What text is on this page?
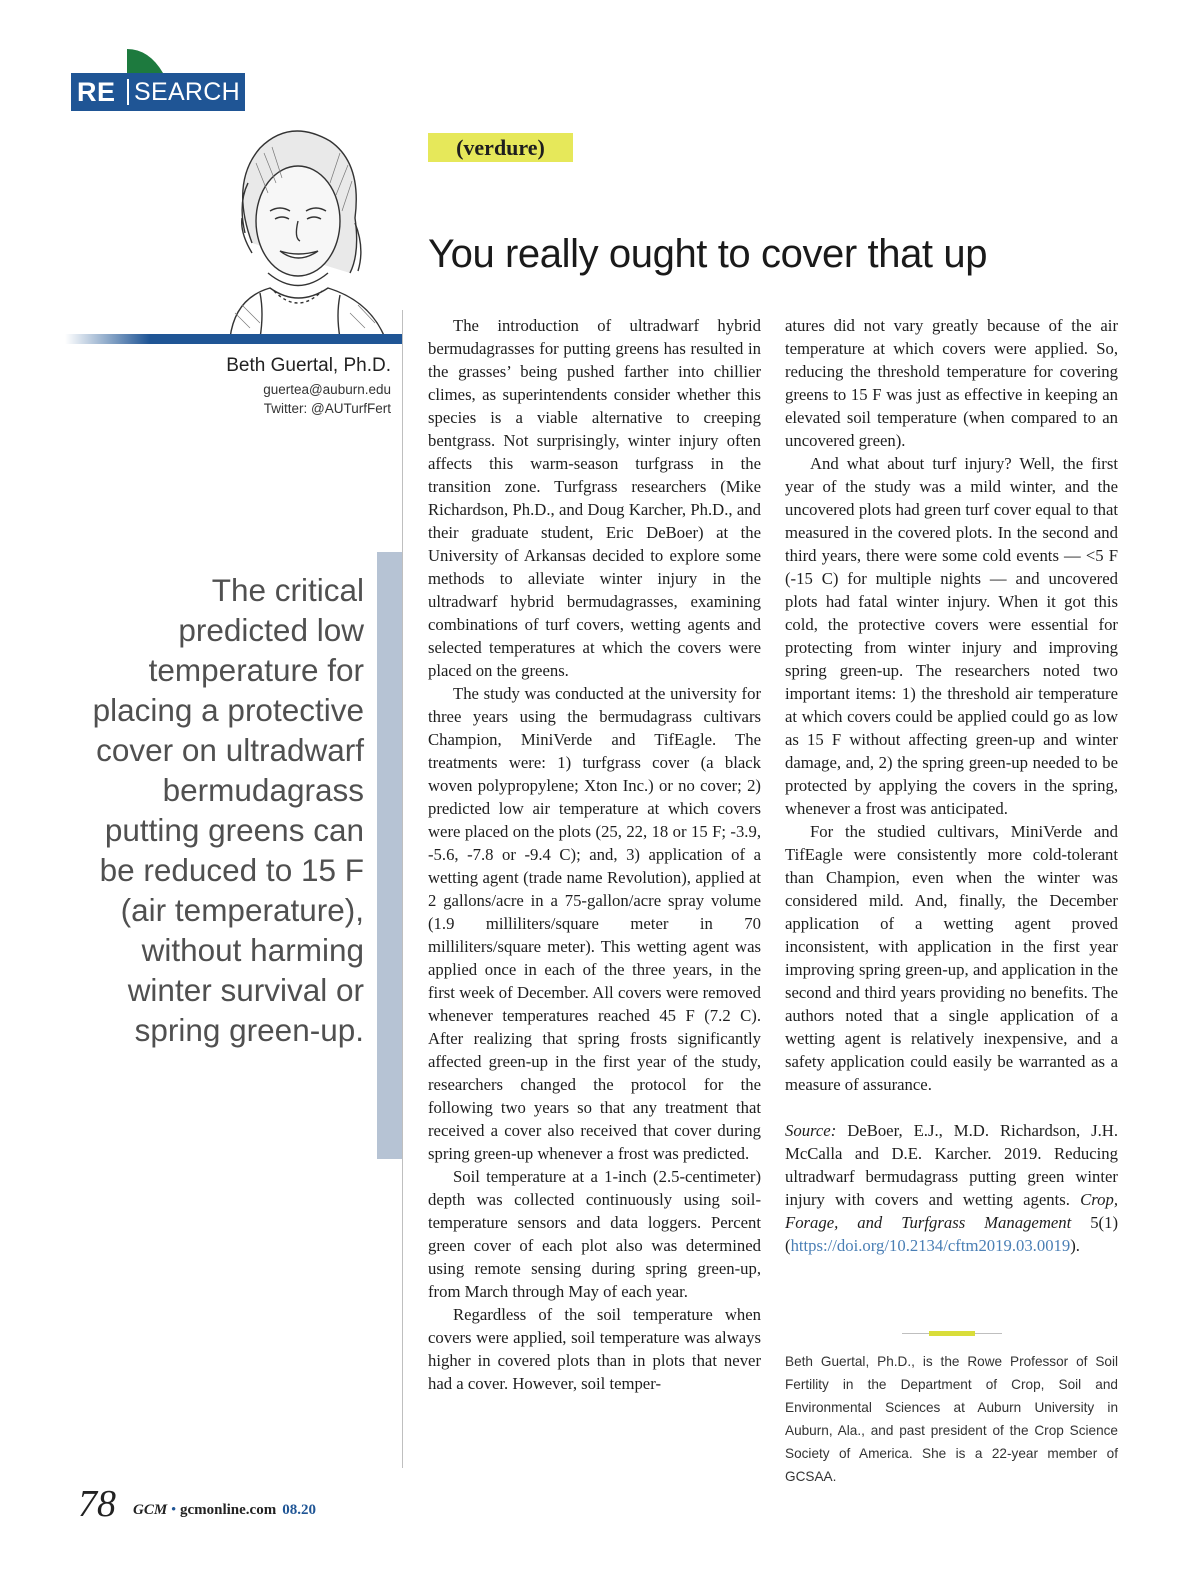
RE SEARCH
Beth Guertal, Ph.D.
guertea@auburn.edu
Twitter: @AUTurfFert
The critical predicted low temperature for placing a protective cover on ultradwarf bermudagrass putting greens can be reduced to 15 F (air temperature), without harming winter survival or spring green-up.
(verdure)
You really ought to cover that up

The introduction of ultradwarf hybrid bermudagrasses for putting greens has resulted in the grasses’ being pushed farther into chillier climes, as superintendents consider whether this species is a viable alternative to creeping bentgrass. Not surprisingly, winter injury often affects this warm-season turfgrass in the transition zone. Turfgrass researchers (Mike Richardson, Ph.D., and Doug Karcher, Ph.D., and their graduate student, Eric DeBoer) at the University of Arkansas decided to explore some methods to alleviate winter injury in the ultradwarf hybrid bermudagrasses, examining combinations of turf covers, wetting agents and selected temperatures at which the covers were placed on the greens.

The study was conducted at the university for three years using the bermudagrass cultivars Champion, MiniVerde and TifEagle. The treatments were: 1) turfgrass cover (a black woven polypropylene; Xton Inc.) or no cover; 2) predicted low air temperature at which covers were placed on the plots (25, 22, 18 or 15 F; -3.9, -5.6, -7.8 or -9.4 C); and, 3) application of a wetting agent (trade name Revolution), applied at 2 gallons/acre in a 75-gallon/acre spray volume (1.9 milliliters/square meter in 70 milliliters/square meter). This wetting agent was applied once in each of the three years, in the first week of December. All covers were removed whenever temperatures reached 45 F (7.2 C). After realizing that spring frosts significantly affected green-up in the first year of the study, researchers changed the protocol for the following two years so that any treatment that received a cover also received that cover during spring green-up whenever a frost was predicted.

Soil temperature at a 1-inch (2.5-centimeter) depth was collected continuously using soil-temperature sensors and data loggers. Percent green cover of each plot also was determined using remote sensing during spring green-up, from March through May of each year.

Regardless of the soil temperature when covers were applied, soil temperature was always higher in covered plots than in plots that never had a cover. However, soil temper-

atures did not vary greatly because of the air temperature at which covers were applied. So, reducing the threshold temperature for covering greens to 15 F was just as effective in keeping an elevated soil temperature (when compared to an uncovered green).

And what about turf injury? Well, the first year of the study was a mild winter, and the uncovered plots had green turf cover equal to that measured in the covered plots. In the second and third years, there were some cold events — <5 F (-15 C) for multiple nights — and uncovered plots had fatal winter injury. When it got this cold, the protective covers were essential for protecting from winter injury and improving spring green-up. The researchers noted two important items: 1) the threshold air temperature at which covers could be applied could go as low as 15 F without affecting green-up and winter damage, and, 2) the spring green-up needed to be protected by applying the covers in the spring, whenever a frost was anticipated.

For the studied cultivars, MiniVerde and TifEagle were consistently more cold-tolerant than Champion, even when the winter was considered mild. And, finally, the December application of a wetting agent proved inconsistent, with application in the first year improving spring green-up, and application in the second and third years providing no benefits. The authors noted that a single application of a wetting agent is relatively inexpensive, and a safety application could easily be warranted as a measure of assurance.

Source: DeBoer, E.J., M.D. Richardson, J.H. McCalla and D.E. Karcher. 2019. Reducing ultradwarf bermudagrass putting green winter injury with covers and wetting agents. Crop, Forage, and Turfgrass Management 5(1) (https://doi.org/10.2134/cftm2019.03.0019).

Beth Guertal, Ph.D., is the Rowe Professor of Soil Fertility in the Department of Crop, Soil and Environmental Sciences at Auburn University in Auburn, Ala., and past president of the Crop Science Society of America. She is a 22-year member of GCSAA.
78 GCM • gcmonline.com 08.20
